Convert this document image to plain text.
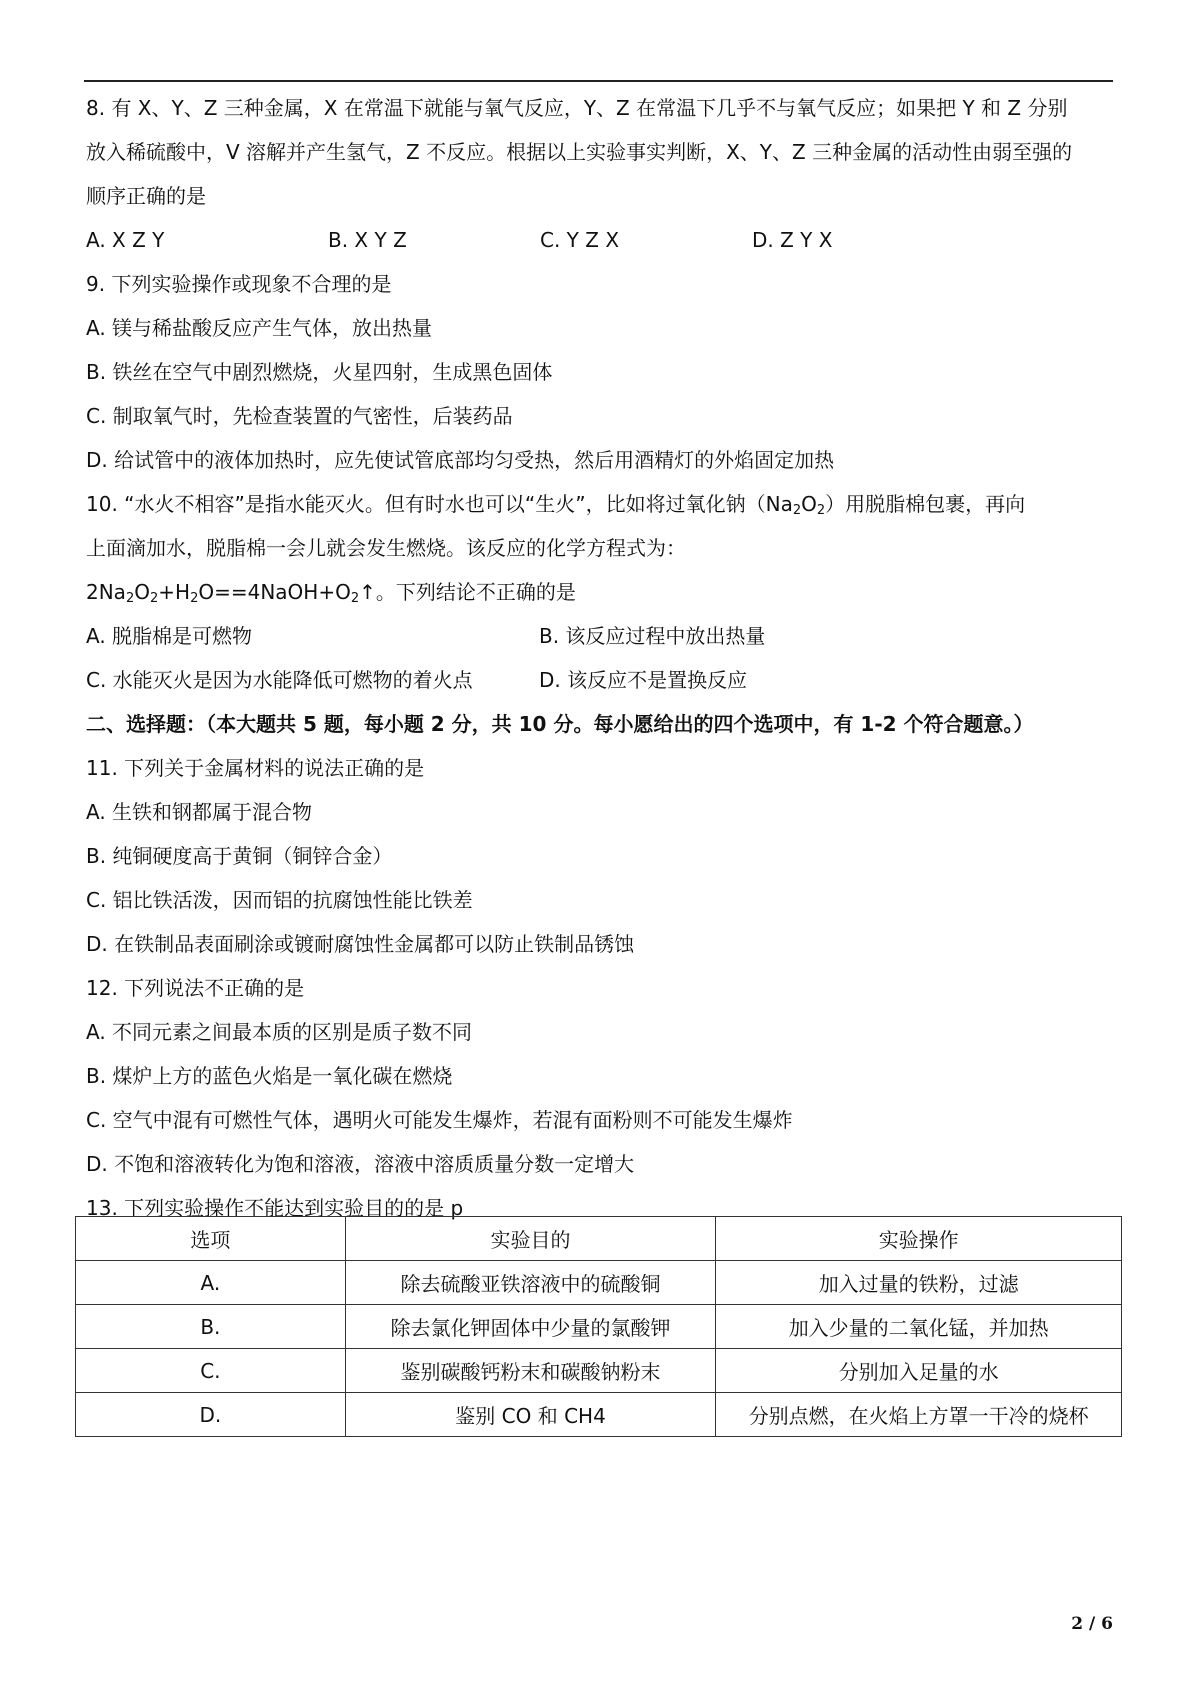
8. 有 X、Y、Z 三种金属，X 在常温下就能与氧气反应，Y、Z 在常温下几乎不与氧气反应；如果把 Y 和 Z 分别
放入稀硫酸中，V 溶解并产生氢气，Z 不反应。根据以上实验事实判断，X、Y、Z 三种金属的活动性由弱至强的
顺序正确的是
A. X Z Y	B. X Y Z	C. Y Z X	D. Z Y X
9. 下列实验操作或现象不合理的是
A. 镁与稀盐酸反应产生气体，放出热量
B. 铁丝在空气中剧烈燃烧，火星四射，生成黑色固体
C. 制取氧气时，先检查装置的气密性，后装药品
D. 给试管中的液体加热时，应先使试管底部均匀受热，然后用酒精灯的外焰固定加热
10. “水火不相容”是指水能灭火。但有时水也可以“生火”，比如将过氧化钠$(Na_2O_2)$用脱脂棉包裹，再向
上面滴加水，脱脂棉一会儿就会发生燃烧。该反应的化学方程式为：
$2Na_2O_2+H_2O==4NaOH+O_2↑$。下列结论不正确的是
A. 脱脂棉是可燃物	B. 该反应过程中放出热量
C. 水能灭火是因为水能降低可燃物的着火点	D. 该反应不是置换反应
二、选择题：（本大题共 5 题，每小题 2 分，共 10 分。每小愿给出的四个选项中，有 1-2 个符合题意。）
11. 下列关于金属材料的说法正确的是
A. 生铁和钢都属于混合物
B. 纯铜硬度高于黄铜（铜锌合金）
C. 铝比铁活泼，因而铝的抗腐蚀性能比铁差
D. 在铁制品表面刷涂或镀耐腐蚀性金属都可以防止铁制品锈蚀
12. 下列说法不正确的是
A. 不同元素之间最本质的区别是质子数不同
B. 煤炉上方的蓝色火焰是一氧化碳在燃烧
C. 空气中混有可燃性气体，遇明火可能发生爆炸，若混有面粉则不可能发生爆炸
D. 不饱和溶液转化为饱和溶液，溶液中溶质质量分数一定增大
13. 下列实验操作不能达到实验目的的是 p
选项	实验目的	实验操作
A.	除去硫酸亚铁溶液中的硫酸铜	加入过量的铁粉，过滤
B.	除去氯化钾固体中少量的氯酸钾	加入少量的二氧化锰，并加热
C.	鉴别碳酸钙粉末和碳酸钠粉末	分别加入足量的水
D.	鉴别 CO 和 CH4	分别点燃，在火焰上方罩一干冷的烧杯
2 / 6
